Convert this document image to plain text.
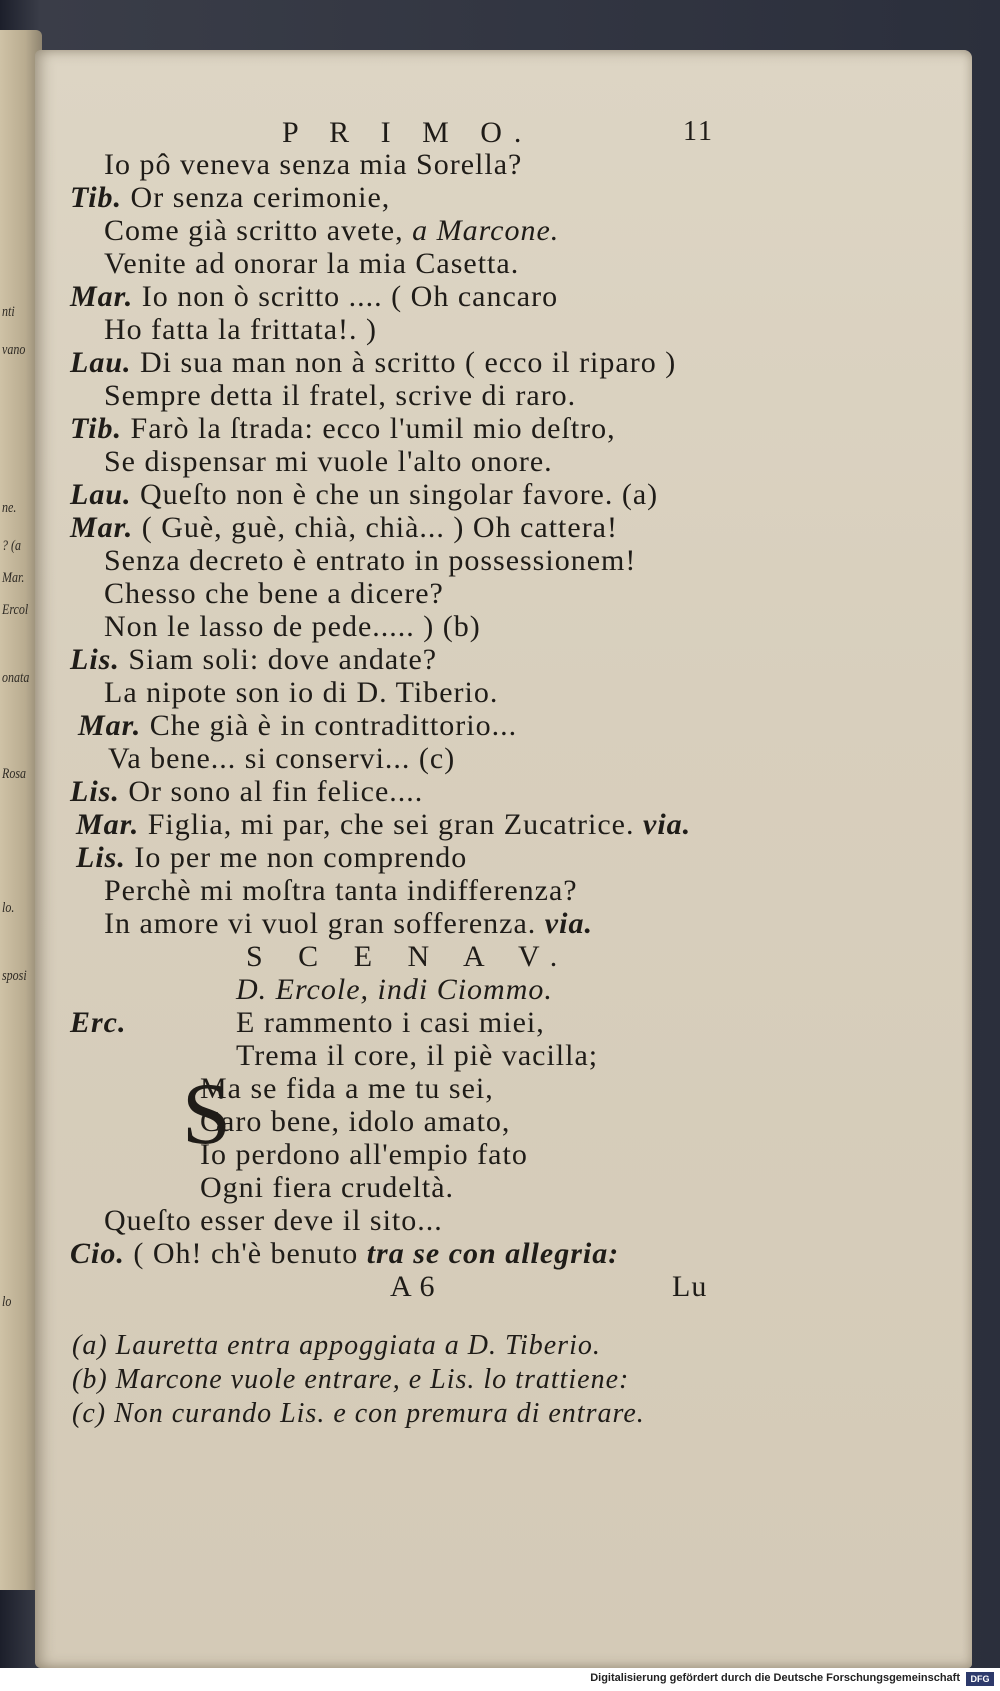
nti
vano
ne.
? (a
Mar.
Ercol
onata
Rosa
lo.
sposi
lo
P R I M O.	11
Io pô veneva senza mia Sorella?
Tib. Or senza cerimonie,
Come già scritto avete, a Marcone.
Venite ad onorar la mia Casetta.
Mar. Io non ò scritto .... ( Oh cancaro
Ho fatta la frittata!. )
Lau. Di sua man non à scritto ( ecco il riparo )
Sempre detta il fratel, scrive di raro.
Tib. Farò la ſtrada: ecco l'umil mio deſtro,
Se dispensar mi vuole l'alto onore.
Lau. Queſto non è che un singolar favore. (a)
Mar. ( Guè, guè, chià, chià... ) Oh cattera!
Senza decreto è entrato in possessionem!
Chesso che bene a dicere?
Non le lasso de pede..... ) (b)
Lis. Siam soli: dove andate?
La nipote son io di D. Tiberio.
Mar. Che già è in contradittorio...
Va bene... si conservi... (c)
Lis. Or sono al fin felice....
Mar. Figlia, mi par, che sei gran Zucatrice. via.
Lis. Io per me non comprendo
Perchè mi moſtra tanta indifferenza?
In amore vi vuol gran sofferenza. via.
S C E N A V.
D. Ercole, indi Ciommo.
Erc.
S
E rammento i casi miei,
Trema il core, il piè vacilla;
Ma se fida a me tu sei,
Caro bene, idolo amato,
Io perdono all'empio fato
Ogni fiera crudeltà.
Queſto esser deve il sito...
Cio. ( Oh! ch'è benuto tra se con allegria:
A 6	Lu
(a) Lauretta entra appoggiata a D. Tiberio.
(b) Marcone vuole entrare, e Lis. lo trattiene:
(c) Non curando Lis. e con premura di entrare.
Digitalisierung gefördert durch die Deutsche Forschungsgemeinschaft	DFG
